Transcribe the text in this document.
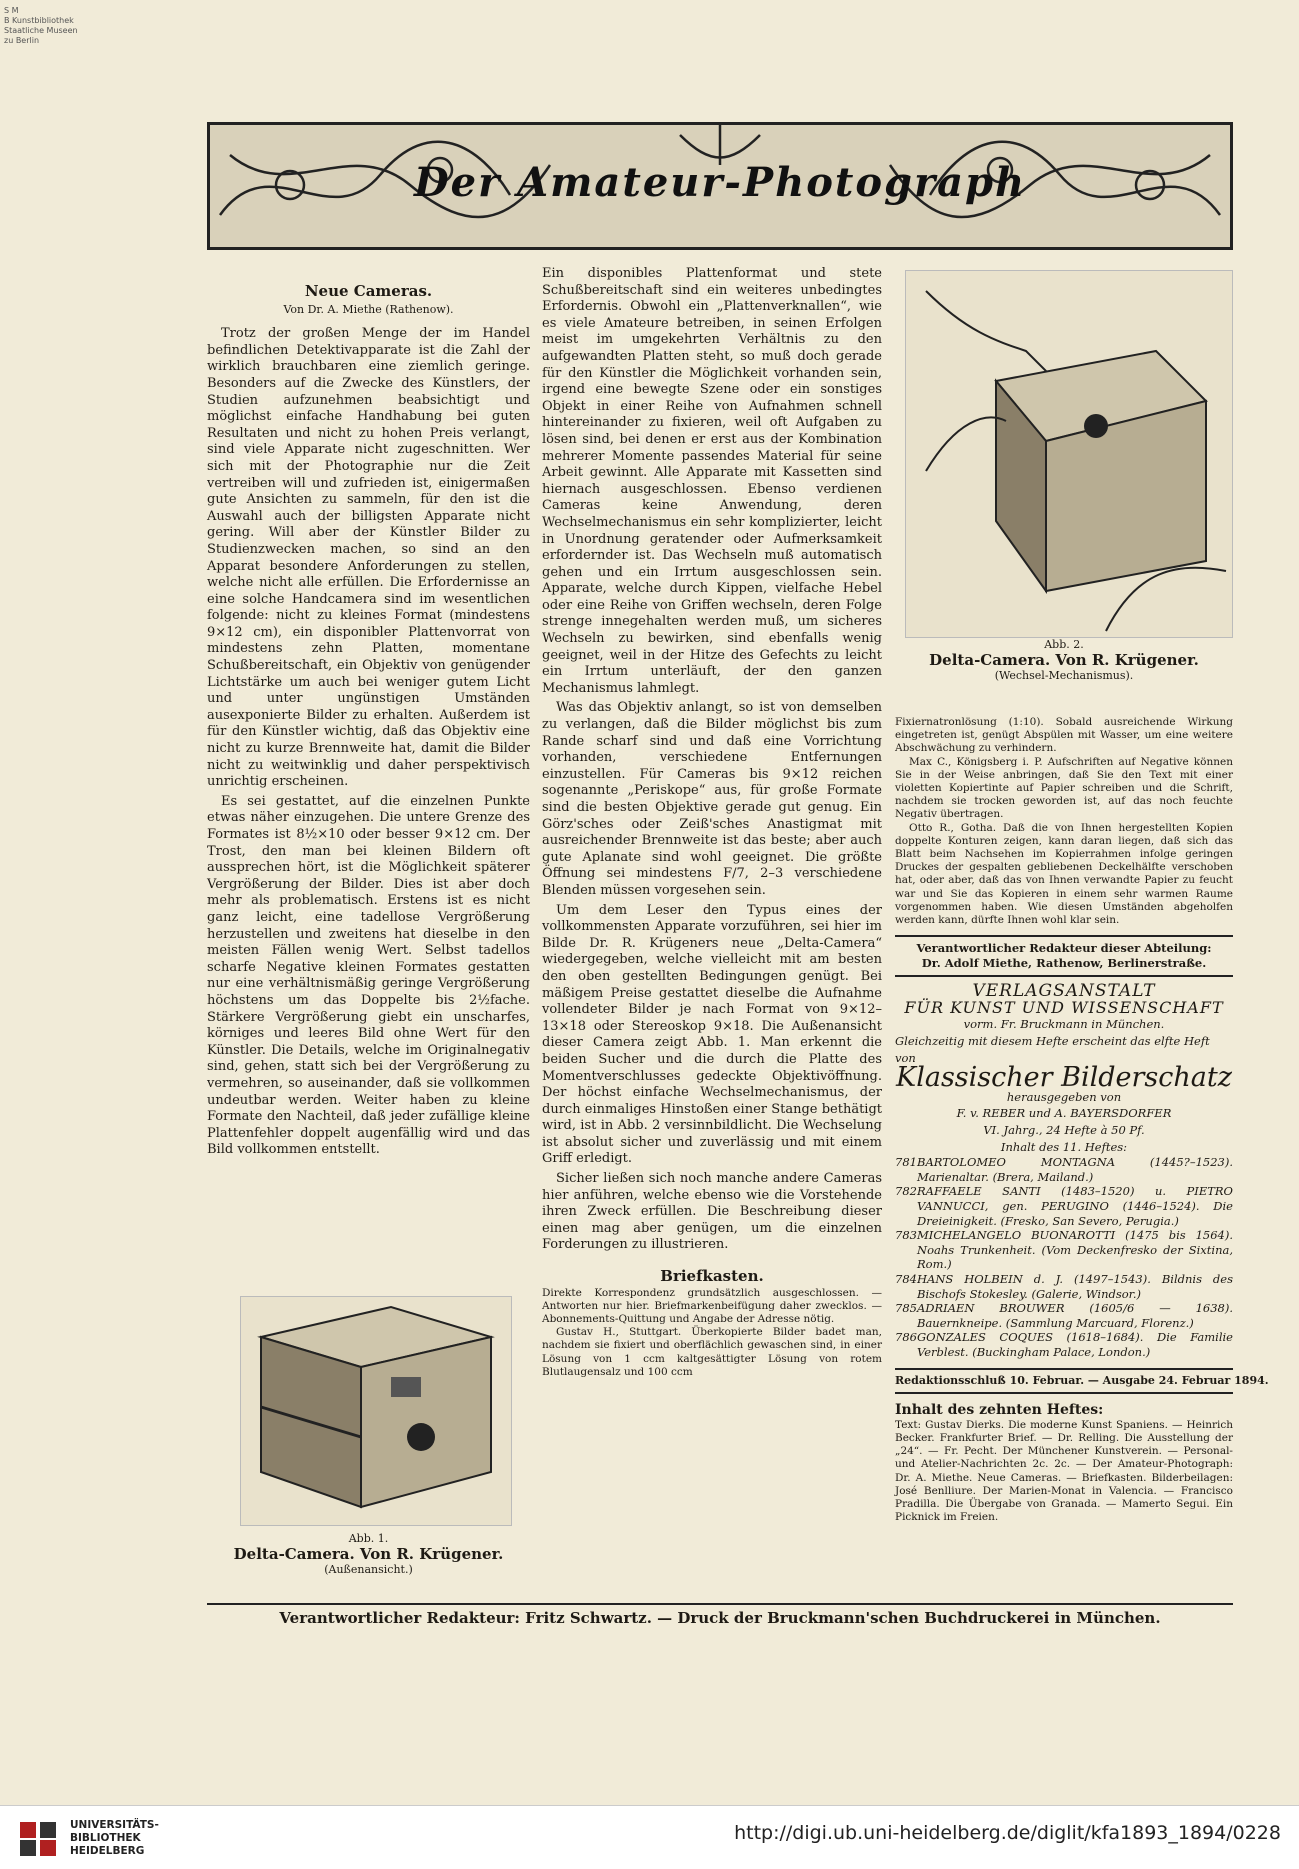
S M
B Kunstbibliothek
Staatliche Museen
zu Berlin
Der Amateur-Photograph
Neue Cameras.
Von Dr. A. Miethe (Rathenow).

Trotz der großen Menge der im Handel befindlichen Detektivapparate ist die Zahl der wirklich brauchbaren eine ziemlich geringe. Besonders auf die Zwecke des Künstlers, der Studien aufzunehmen beabsichtigt und möglichst einfache Handhabung bei guten Resultaten und nicht zu hohen Preis verlangt, sind viele Apparate nicht zugeschnitten. Wer sich mit der Photographie nur die Zeit vertreiben will und zufrieden ist, einigermaßen gute Ansichten zu sammeln, für den ist die Auswahl auch der billigsten Apparate nicht gering. Will aber der Künstler Bilder zu Studienzwecken machen, so sind an den Apparat besondere Anforderungen zu stellen, welche nicht alle erfüllen. Die Erfordernisse an eine solche Handcamera sind im wesentlichen folgende: nicht zu kleines Format (mindestens 9×12 cm), ein disponibler Plattenvorrat von mindestens zehn Platten, momentane Schußbereitschaft, ein Objektiv von genügender Lichtstärke um auch bei weniger gutem Licht und unter ungünstigen Umständen ausexponierte Bilder zu erhalten. Außerdem ist für den Künstler wichtig, daß das Objektiv eine nicht zu kurze Brennweite hat, damit die Bilder nicht zu weitwinklig und daher perspektivisch unrichtig erscheinen.

Es sei gestattet, auf die einzelnen Punkte etwas näher einzugehen. Die untere Grenze des Formates ist 8½×10 oder besser 9×12 cm. Der Trost, den man bei kleinen Bildern oft aussprechen hört, ist die Möglichkeit späterer Vergrößerung der Bilder. Dies ist aber doch mehr als problematisch. Erstens ist es nicht ganz leicht, eine tadellose Vergrößerung herzustellen und zweitens hat dieselbe in den meisten Fällen wenig Wert. Selbst tadellos scharfe Negative kleinen Formates gestatten nur eine verhältnismäßig geringe Vergrößerung höchstens um das Doppelte bis 2½fache. Stärkere Vergrößerung giebt ein unscharfes, körniges und leeres Bild ohne Wert für den Künstler. Die Details, welche im Originalnegativ sind, gehen, statt sich bei der Vergrößerung zu vermehren, so auseinander, daß sie vollkommen undeutbar werden. Weiter haben zu kleine Formate den Nachteil, daß jeder zufällige kleine Plattenfehler doppelt augenfällig wird und das Bild vollkommen entstellt.

Abb. 1.
Delta-Camera. Von R. Krügener.
(Außenansicht.)

Ein disponibles Plattenformat und stete Schußbereitschaft sind ein weiteres unbedingtes Erfordernis. Obwohl ein „Plattenverknallen“, wie es viele Amateure betreiben, in seinen Erfolgen meist im umgekehrten Verhältnis zu den aufgewandten Platten steht, so muß doch gerade für den Künstler die Möglichkeit vorhanden sein, irgend eine bewegte Szene oder ein sonstiges Objekt in einer Reihe von Aufnahmen schnell hintereinander zu fixieren, weil oft Aufgaben zu lösen sind, bei denen er erst aus der Kombination mehrerer Momente passendes Material für seine Arbeit gewinnt. Alle Apparate mit Kassetten sind hiernach ausgeschlossen. Ebenso verdienen Cameras keine Anwendung, deren Wechselmechanismus ein sehr komplizierter, leicht in Unordnung geratender oder Aufmerksamkeit erfordernder ist. Das Wechseln muß automatisch gehen und ein Irrtum ausgeschlossen sein. Apparate, welche durch Kippen, vielfache Hebel oder eine Reihe von Griffen wechseln, deren Folge strenge innegehalten werden muß, um sicheres Wechseln zu bewirken, sind ebenfalls wenig geeignet, weil in der Hitze des Gefechts zu leicht ein Irrtum unterläuft, der den ganzen Mechanismus lahmlegt.

Was das Objektiv anlangt, so ist von demselben zu verlangen, daß die Bilder möglichst bis zum Rande scharf sind und daß eine Vorrichtung vorhanden, verschiedene Entfernungen einzustellen. Für Cameras bis 9×12 reichen sogenannte „Periskope“ aus, für große Formate sind die besten Objektive gerade gut genug. Ein Görz'sches oder Zeiß'sches Anastigmat mit ausreichender Brennweite ist das beste; aber auch gute Aplanate sind wohl geeignet. Die größte Öffnung sei mindestens F/7, 2–3 verschiedene Blenden müssen vorgesehen sein.

Um dem Leser den Typus eines der vollkommensten Apparate vorzuführen, sei hier im Bilde Dr. R. Krügeners neue „Delta-Camera“ wiedergegeben, welche vielleicht mit am besten den oben gestellten Bedingungen genügt. Bei mäßigem Preise gestattet dieselbe die Aufnahme vollendeter Bilder je nach Format von 9×12–13×18 oder Stereoskop 9×18. Die Außenansicht dieser Camera zeigt Abb. 1. Man erkennt die beiden Sucher und die durch die Platte des Momentverschlusses gedeckte Objektivöffnung. Der höchst einfache Wechselmechanismus, der durch einmaliges Hinstoßen einer Stange bethätigt wird, ist in Abb. 2 versinnbildlicht. Die Wechselung ist absolut sicher und zuverlässig und mit einem Griff erledigt.

Sicher ließen sich noch manche andere Cameras hier anführen, welche ebenso wie die Vorstehende ihren Zweck erfüllen. Die Beschreibung dieser einen mag aber genügen, um die einzelnen Forderungen zu illustrieren.

Briefkasten.
Direkte Korrespondenz grundsätzlich ausgeschlossen. — Antworten nur hier. Briefmarkenbeifügung daher zwecklos. — Abonnements-Quittung und Angabe der Adresse nötig.
Gustav H., Stuttgart. Überkopierte Bilder badet man, nachdem sie fixiert und oberflächlich gewaschen sind, in einer Lösung von 1 ccm kaltgesättigter Lösung von rotem Blutlaugensalz und 100 ccm
Abb. 2.
Delta-Camera. Von R. Krügener.
(Wechsel-Mechanismus).
Fixiernatronlösung (1:10). Sobald ausreichende Wirkung eingetreten ist, genügt Abspülen mit Wasser, um eine weitere Abschwächung zu verhindern.
Max C., Königsberg i. P. Aufschriften auf Negative können Sie in der Weise anbringen, daß Sie den Text mit einer violetten Kopiertinte auf Papier schreiben und die Schrift, nachdem sie trocken geworden ist, auf das noch feuchte Negativ übertragen.
Otto R., Gotha. Daß die von Ihnen hergestellten Kopien doppelte Konturen zeigen, kann daran liegen, daß sich das Blatt beim Nachsehen im Kopierrahmen infolge geringen Druckes der gespalten gebliebenen Deckelhälfte verschoben hat, oder aber, daß das von Ihnen verwandte Papier zu feucht war und Sie das Kopieren in einem sehr warmen Raume vorgenommen haben. Wie diesen Umständen abgeholfen werden kann, dürfte Ihnen wohl klar sein.
Verantwortlicher Redakteur dieser Abteilung:
Dr. Adolf Miethe, Rathenow, Berlinerstraße.
VERLAGSANSTALT
FÜR KUNST UND WISSENSCHAFT
vorm. Fr. Bruckmann in München.
Gleichzeitig mit diesem Hefte erscheint das elfte Heft von
Klassischer Bilderschatz
herausgegeben von
F. v. REBER und A. BAYERSDORFER
VI. Jahrg., 24 Hefte à 50 Pf.
Inhalt des 11. Heftes:
781 BARTOLOMEO MONTAGNA (1445?–1523). Marienaltar. (Brera, Mailand.)
782 RAFFAELE SANTI (1483–1520) u. PIETRO VANNUCCI, gen. PERUGINO (1446–1524). Die Dreieinigkeit. (Fresko, San Severo, Perugia.)
783 MICHELANGELO BUONAROTTI (1475 bis 1564). Noahs Trunkenheit. (Vom Deckenfresko der Sixtina, Rom.)
784 HANS HOLBEIN d. J. (1497–1543). Bildnis des Bischofs Stokesley. (Galerie, Windsor.)
785 ADRIAEN BROUWER (1605/6 — 1638). Bauernkneipe. (Sammlung Marcuard, Florenz.)
786 GONZALES COQUES (1618–1684). Die Familie Verblest. (Buckingham Palace, London.)
Redaktionsschluß 10. Februar. — Ausgabe 24. Februar 1894.
Inhalt des zehnten Heftes:
Text: Gustav Dierks. Die moderne Kunst Spaniens. — Heinrich Becker. Frankfurter Brief. — Dr. Relling. Die Ausstellung der „24“. — Fr. Pecht. Der Münchener Kunstverein. — Personal- und Atelier-Nachrichten 2c. 2c. — Der Amateur-Photograph: Dr. A. Miethe. Neue Cameras. — Briefkasten. Bilderbeilagen: José Benlliure. Der Marien-Monat in Valencia. — Francisco Pradilla. Die Übergabe von Granada. — Mamerto Segui. Ein Picknick im Freien.
Verantwortlicher Redakteur: Fritz Schwartz. — Druck der Bruckmann'schen Buchdruckerei in München.
UNIVERSITÄTS-
BIBLIOTHEK
HEIDELBERG
http://digi.ub.uni-heidelberg.de/diglit/kfa1893_1894/0228
